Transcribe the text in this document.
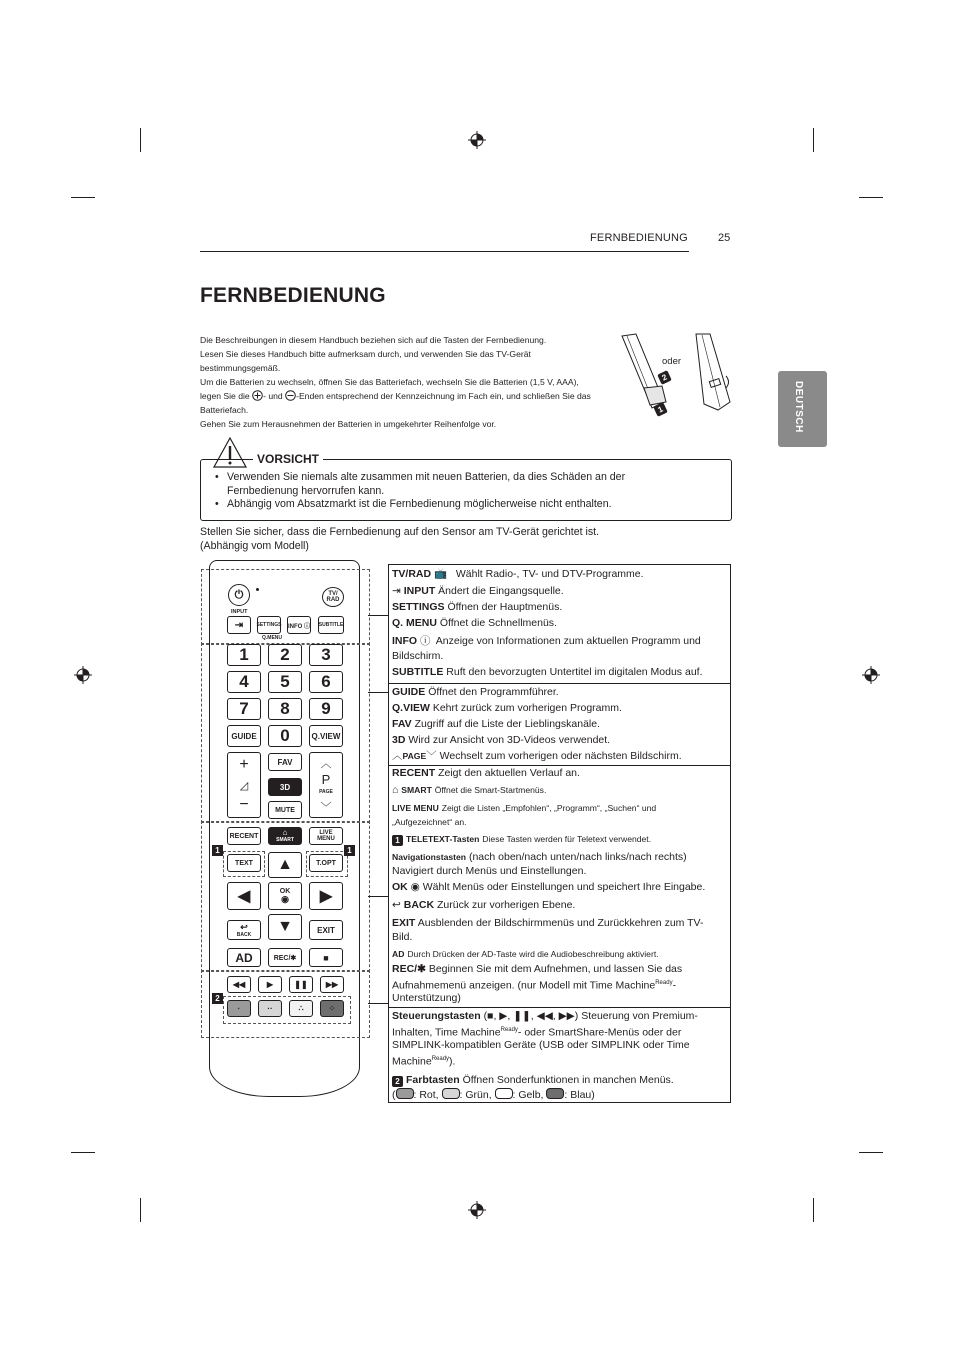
FERNBEDIENUNG	25
FERNBEDIENUNG
DEUTSCH

Die Beschreibungen in diesem Handbuch beziehen sich auf die Tasten der Fernbedienung.

Lesen Sie dieses Handbuch bitte aufmerksam durch, und verwenden Sie das TV-Gerät

bestimmungsgemäß.

Um die Batterien zu wechseln, öffnen Sie das Batteriefach, wechseln Sie die Batterien (1,5 V, AAA),

legen Sie die - und -Enden entsprechend der Kennzeichnung im Fach ein, und schließen Sie das

Batteriefach.

Gehen Sie zum Herausnehmen der Batterien in umgekehrter Reihenfolge vor.

oder
2
1
• Verwenden Sie niemals alte zusammen mit neuen Batterien, da dies Schäden an der
Fernbedienung hervorrufen kann.
• Abhängig vom Absatzmarkt ist die Fernbedienung möglicherweise nicht enthalten.
VORSICHT
Stellen Sie sicher, dass die Fernbedienung auf den Sensor am TV-Gerät gerichtet ist.
(Abhängig vom Modell)
⏻	TV/ RAD
INPUT
⇥	SETTINGS
Q.MENU
INFO ⓘ SUBTITLE
1	2	3
4	5	6
7	8	9
GUIDE	0	Q.VIEW
+
◿
−
FAV
3D
MUTE
︿
P
PAGE
﹀
RECENT	⌂
SMART
LIVE MENU
TEXT	T.OPT
1	1
▲
◀	OK
◉	▶
▼
↩
BACK	EXIT
AD	REC/✱	■
◀◀	▶	❚❚	▶▶
2
·	··	∴	⁘
TV/RAD 📺 Wählt Radio-, TV- und DTV-Programme.
⇥ INPUT Ändert die Eingangsquelle.
SETTINGS Öffnen der Hauptmenüs.
Q. MENU Öffnet die Schnellmenüs.
INFO ⓘ Anzeige von Informationen zum aktuellen Programm und
Bildschirm.
SUBTITLE Ruft den bevorzugten Untertitel im digitalen Modus auf.
GUIDE Öffnet den Programmführer.
Q.VIEW Kehrt zurück zum vorherigen Programm.
FAV Zugriff auf die Liste der Lieblingskanäle.
3D Wird zur Ansicht von 3D-Videos verwendet.
︿PAGE﹀ Wechselt zum vorherigen oder nächsten Bildschirm.
RECENT Zeigt den aktuellen Verlauf an.
⌂ SMART Öffnet die Smart-Startmenüs.
LIVE MENU Zeigt die Listen „Empfohlen“, „Programm“, „Suchen“ und
„Aufgezeichnet“ an.
1 TELETEXT-Tasten Diese Tasten werden für Teletext verwendet.
Navigationstasten (nach oben/nach unten/nach links/nach rechts)
Navigiert durch Menüs und Einstellungen.
OK ◉ Wählt Menüs oder Einstellungen und speichert Ihre Eingabe.
↩ BACK Zurück zur vorherigen Ebene.
EXIT Ausblenden der Bildschirmmenüs und Zurückkehren zum TV-
Bild.
AD Durch Drücken der AD-Taste wird die Audiobeschreibung aktiviert.
REC/✱ Beginnen Sie mit dem Aufnehmen, und lassen Sie das
Aufnahmemenü anzeigen. (nur Modell mit Time Machine$^{Ready}$-
Unterstützung)
Steuerungstasten (■, ▶, ❚❚, ◀◀, ▶▶) Steuerung von Premium-
Inhalten, Time Machine$^{Ready}$- oder SmartShare-Menüs oder der
SIMPLINK-kompatiblen Geräte (USB oder SIMPLINK oder Time
Machine$^{Ready}$).
2 Farbtasten Öffnen Sonderfunktionen in manchen Menüs.
( : Rot, : Grün, : Gelb, : Blau)
